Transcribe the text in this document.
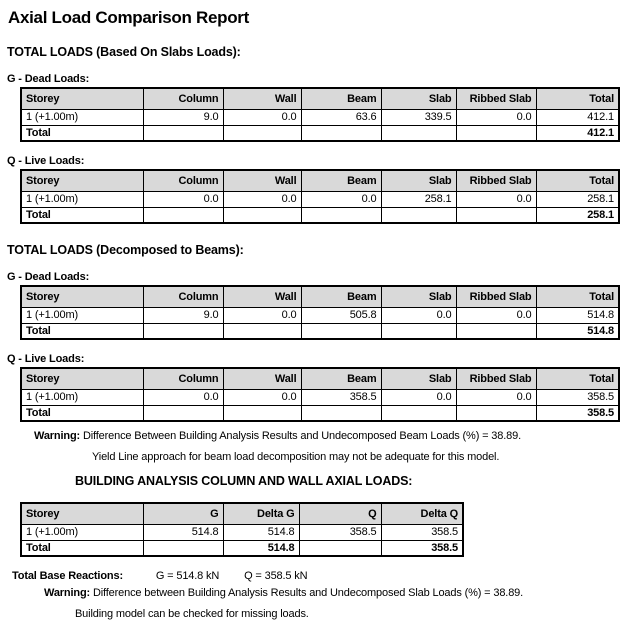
Axial Load Comparison Report
TOTAL LOADS (Based On Slabs Loads):
G - Dead Loads:
Storey	Column	Wall	Beam	Slab	Ribbed Slab	Total
1 (+1.00m)	9.0	0.0	63.6	339.5	0.0	412.1
Total						412.1
Q - Live Loads:
Storey	Column	Wall	Beam	Slab	Ribbed Slab	Total
1 (+1.00m)	0.0	0.0	0.0	258.1	0.0	258.1
Total						258.1
TOTAL LOADS (Decomposed to Beams):
G - Dead Loads:
Storey	Column	Wall	Beam	Slab	Ribbed Slab	Total
1 (+1.00m)	9.0	0.0	505.8	0.0	0.0	514.8
Total						514.8
Q - Live Loads:
Storey	Column	Wall	Beam	Slab	Ribbed Slab	Total
1 (+1.00m)	0.0	0.0	358.5	0.0	0.0	358.5
Total						358.5
Warning: Difference Between Building Analysis Results and Undecomposed Beam Loads (%) = 38.89.
Yield Line approach for beam load decomposition may not be adequate for this model.
BUILDING ANALYSIS COLUMN AND WALL AXIAL LOADS:
Storey	G	Delta G	Q	Delta Q
1 (+1.00m)	514.8	514.8	358.5	358.5
Total		514.8		358.5
Total Base Reactions:	G = 514.8 kN Q = 358.5 kN
Warning: Difference between Building Analysis Results and Undecomposed Slab Loads (%) = 38.89.
Building model can be checked for missing loads.
